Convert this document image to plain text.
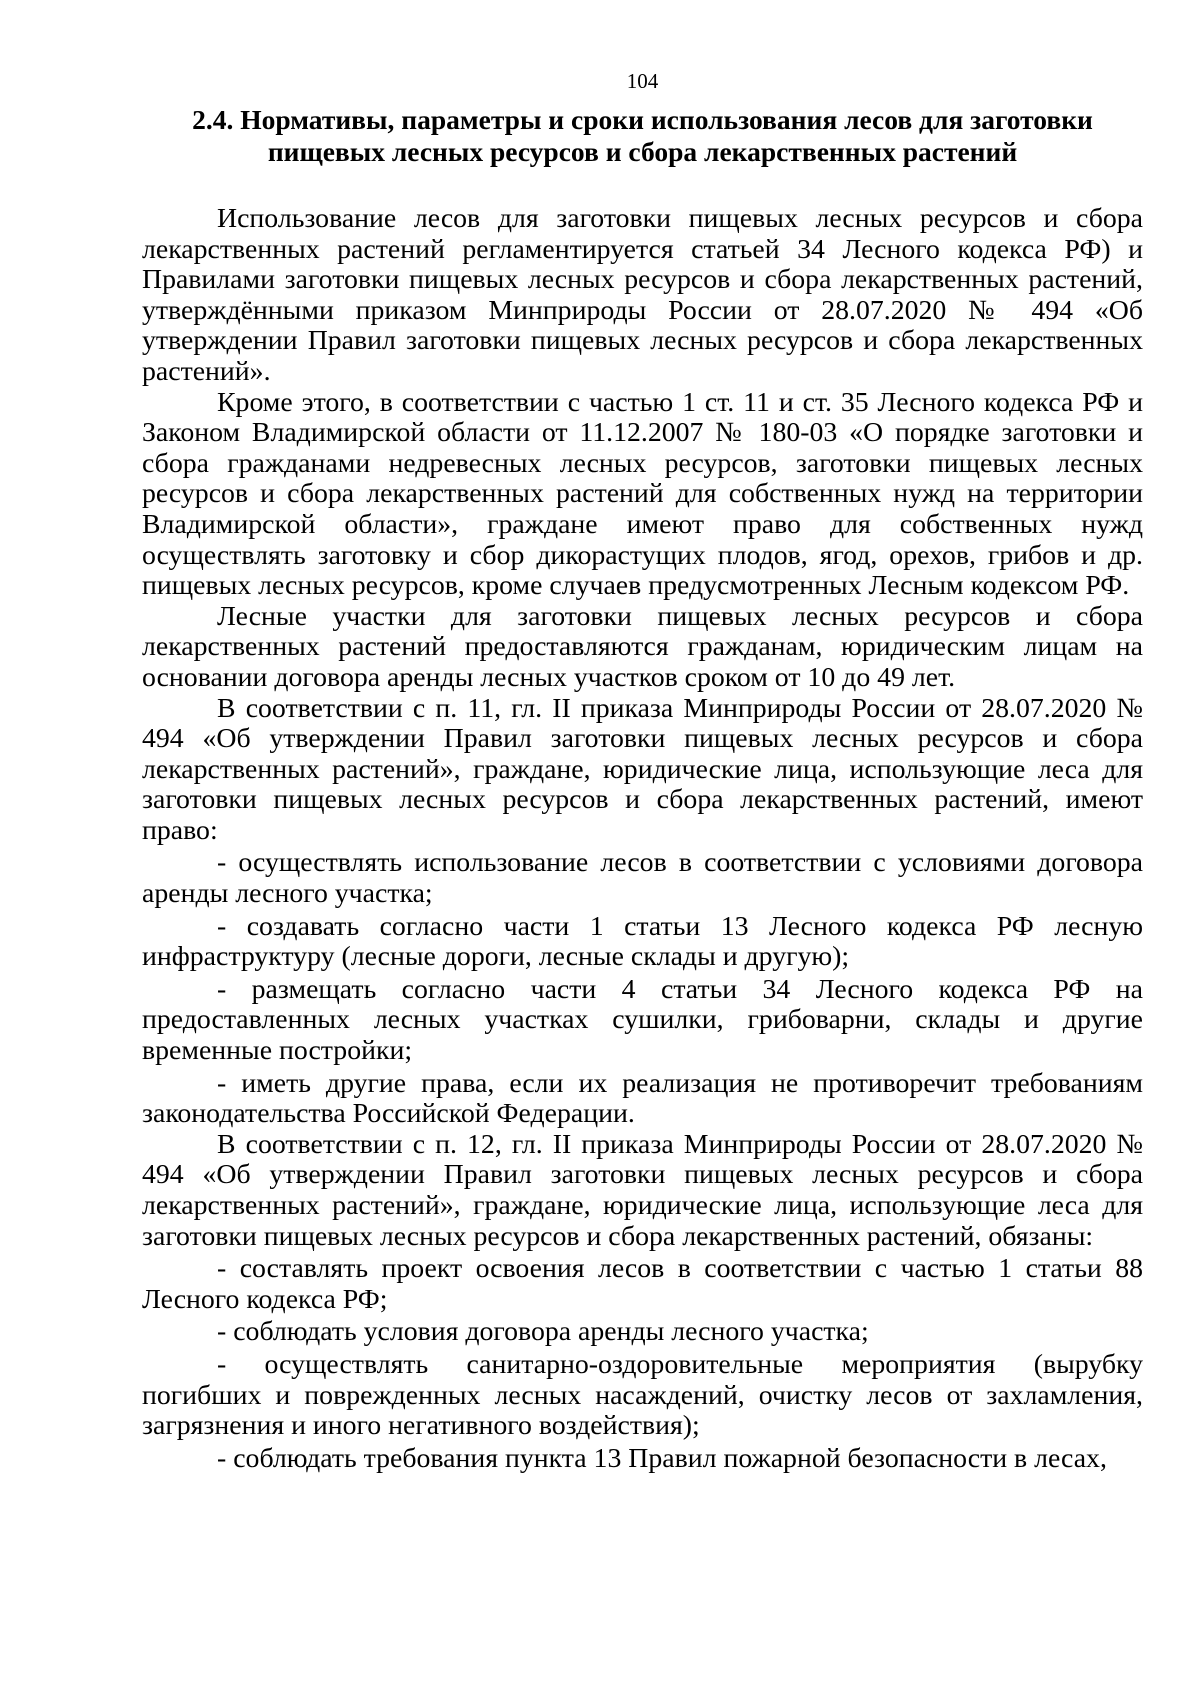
104
2.4. Нормативы, параметры и сроки использования лесов для заготовки
пищевых лесных ресурсов и сбора лекарственных растений

Использование лесов для заготовки пищевых лесных ресурсов и сбора лекарственных растений регламентируется статьей 34 Лесного кодекса РФ) и Правилами заготовки пищевых лесных ресурсов и сбора лекарственных растений, утверждёнными приказом Минприроды России от 28.07.2020 № 494 «Об утверждении Правил заготовки пищевых лесных ресурсов и сбора лекарственных растений».

Кроме этого, в соответствии с частью 1 ст. 11 и ст. 35 Лесного кодекса РФ и Законом Владимирской области от 11.12.2007 № 180-03 «О порядке заготовки и сбора гражданами недревесных лесных ресурсов, заготовки пищевых лесных ресурсов и сбора лекарственных растений для собственных нужд на территории Владимирской области», граждане имеют право для собственных нужд осуществлять заготовку и сбор дикорастущих плодов, ягод, орехов, грибов и др. пищевых лесных ресурсов, кроме случаев предусмотренных Лесным кодексом РФ.

Лесные участки для заготовки пищевых лесных ресурсов и сбора лекарственных растений предоставляются гражданам, юридическим лицам на основании договора аренды лесных участков сроком от 10 до 49 лет.

В соответствии с п. 11, гл. II приказа Минприроды России от 28.07.2020 № 494 «Об утверждении Правил заготовки пищевых лесных ресурсов и сбора лекарственных растений», граждане, юридические лица, использующие леса для заготовки пищевых лесных ресурсов и сбора лекарственных растений, имеют право:

- осуществлять использование лесов в соответствии с условиями договора аренды лесного участка;

- создавать согласно части 1 статьи 13 Лесного кодекса РФ лесную инфраструктуру (лесные дороги, лесные склады и другую);

- размещать согласно части 4 статьи 34 Лесного кодекса РФ на предоставленных лесных участках сушилки, грибоварни, склады и другие временные постройки;

- иметь другие права, если их реализация не противоречит требованиям законодательства Российской Федерации.

В соответствии с п. 12, гл. II приказа Минприроды России от 28.07.2020 № 494 «Об утверждении Правил заготовки пищевых лесных ресурсов и сбора лекарственных растений», граждане, юридические лица, использующие леса для заготовки пищевых лесных ресурсов и сбора лекарственных растений, обязаны:

- составлять проект освоения лесов в соответствии с частью 1 статьи 88 Лесного кодекса РФ;

- соблюдать условия договора аренды лесного участка;

- осуществлять санитарно-оздоровительные мероприятия (вырубку погибших и поврежденных лесных насаждений, очистку лесов от захламления, загрязнения и иного негативного воздействия);

- соблюдать требования пункта 13 Правил пожарной безопасности в лесах,
